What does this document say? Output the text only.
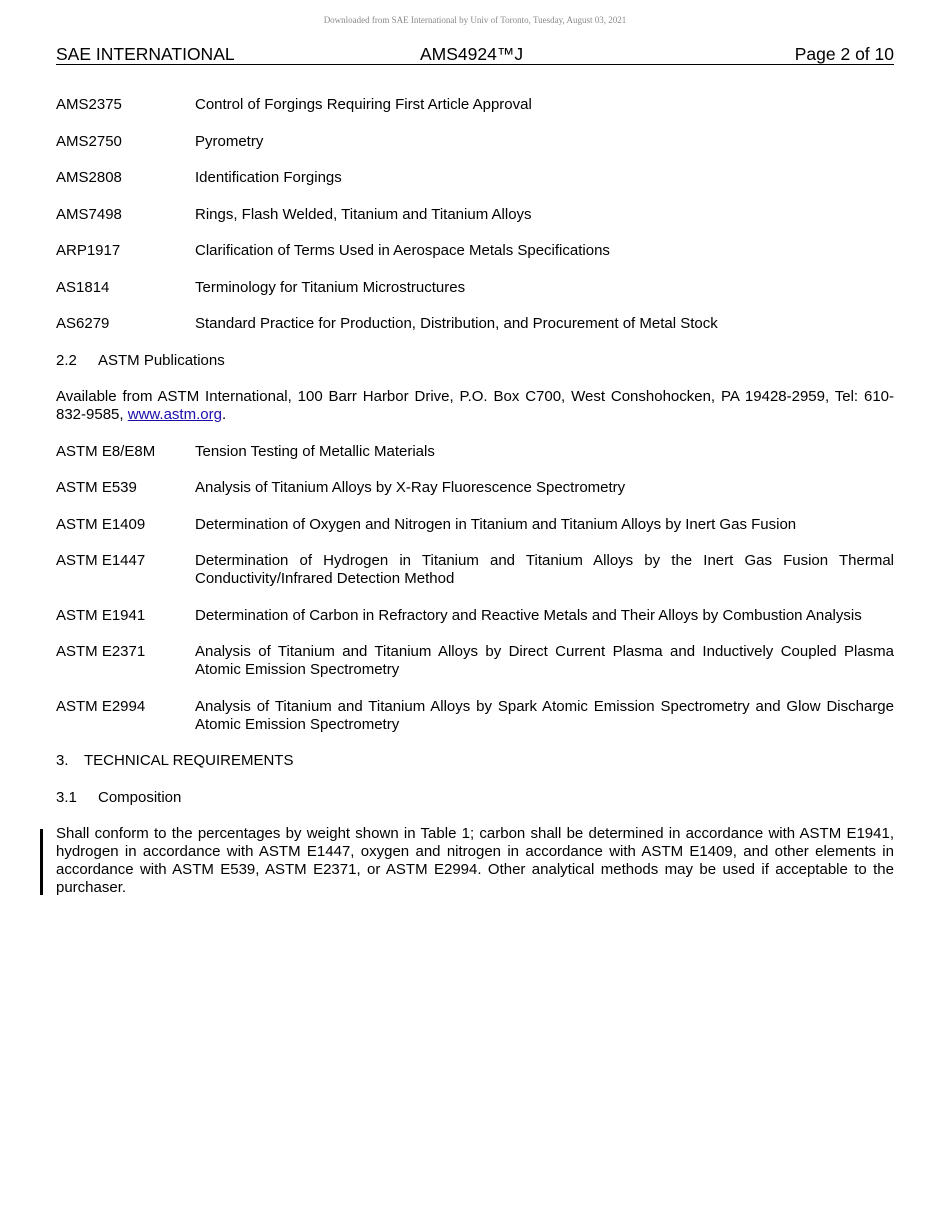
Downloaded from SAE International by Univ of Toronto, Tuesday, August 03, 2021
SAE INTERNATIONAL	AMS4924™J	Page 2 of 10
AMS2375	Control of Forgings Requiring First Article Approval
AMS2750	Pyrometry
AMS2808	Identification Forgings
AMS7498	Rings, Flash Welded, Titanium and Titanium Alloys
ARP1917	Clarification of Terms Used in Aerospace Metals Specifications
AS1814	Terminology for Titanium Microstructures
AS6279	Standard Practice for Production, Distribution, and Procurement of Metal Stock
2.2 ASTM Publications
Available from ASTM International, 100 Barr Harbor Drive, P.O. Box C700, West Conshohocken, PA 19428-2959, Tel: 610-832-9585, www.astm.org.
ASTM E8/E8M	Tension Testing of Metallic Materials
ASTM E539	Analysis of Titanium Alloys by X-Ray Fluorescence Spectrometry
ASTM E1409	Determination of Oxygen and Nitrogen in Titanium and Titanium Alloys by Inert Gas Fusion
ASTM E1447	Determination of Hydrogen in Titanium and Titanium Alloys by the Inert Gas Fusion Thermal Conductivity/Infrared Detection Method
ASTM E1941	Determination of Carbon in Refractory and Reactive Metals and Their Alloys by Combustion Analysis
ASTM E2371	Analysis of Titanium and Titanium Alloys by Direct Current Plasma and Inductively Coupled Plasma Atomic Emission Spectrometry
ASTM E2994	Analysis of Titanium and Titanium Alloys by Spark Atomic Emission Spectrometry and Glow Discharge Atomic Emission Spectrometry
3. TECHNICAL REQUIREMENTS
3.1 Composition
Shall conform to the percentages by weight shown in Table 1; carbon shall be determined in accordance with ASTM E1941, hydrogen in accordance with ASTM E1447, oxygen and nitrogen in accordance with ASTM E1409, and other elements in accordance with ASTM E539, ASTM E2371, or ASTM E2994. Other analytical methods may be used if acceptable to the purchaser.
